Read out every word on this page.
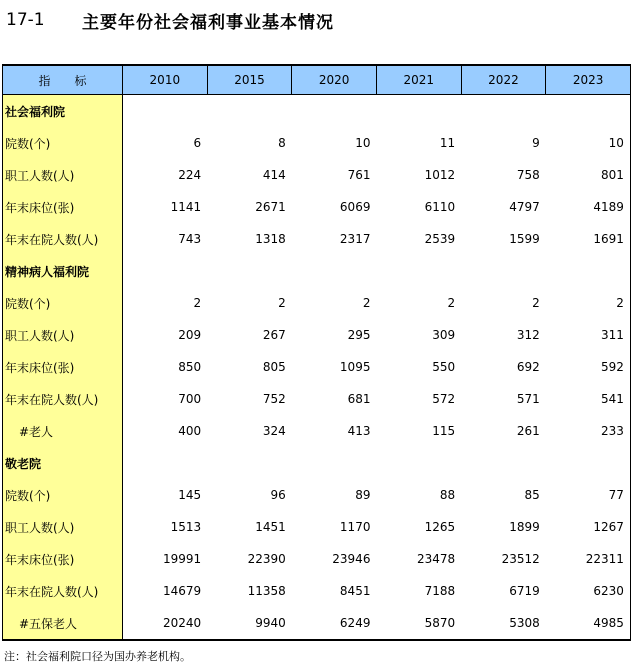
17-1	主要年份社会福利事业基本情况
指　　标	2010	2015	2020	2021	2022	2023
社会福利院						
院数(个)	6	8	10	11	9	10
职工人数(人)	224	414	761	1012	758	801
年末床位(张)	1141	2671	6069	6110	4797	4189
年末在院人数(人)	743	1318	2317	2539	1599	1691
精神病人福利院						
院数(个)	2	2	2	2	2	2
职工人数(人)	209	267	295	309	312	311
年末床位(张)	850	805	1095	550	692	592
年末在院人数(人)	700	752	681	572	571	541
#老人	400	324	413	115	261	233
敬老院						
院数(个)	145	96	89	88	85	77
职工人数(人)	1513	1451	1170	1265	1899	1267
年末床位(张)	19991	22390	23946	23478	23512	22311
年末在院人数(人)	14679	11358	8451	7188	6719	6230
#五保老人	20240	9940	6249	5870	5308	4985
注：社会福利院口径为国办养老机构。
